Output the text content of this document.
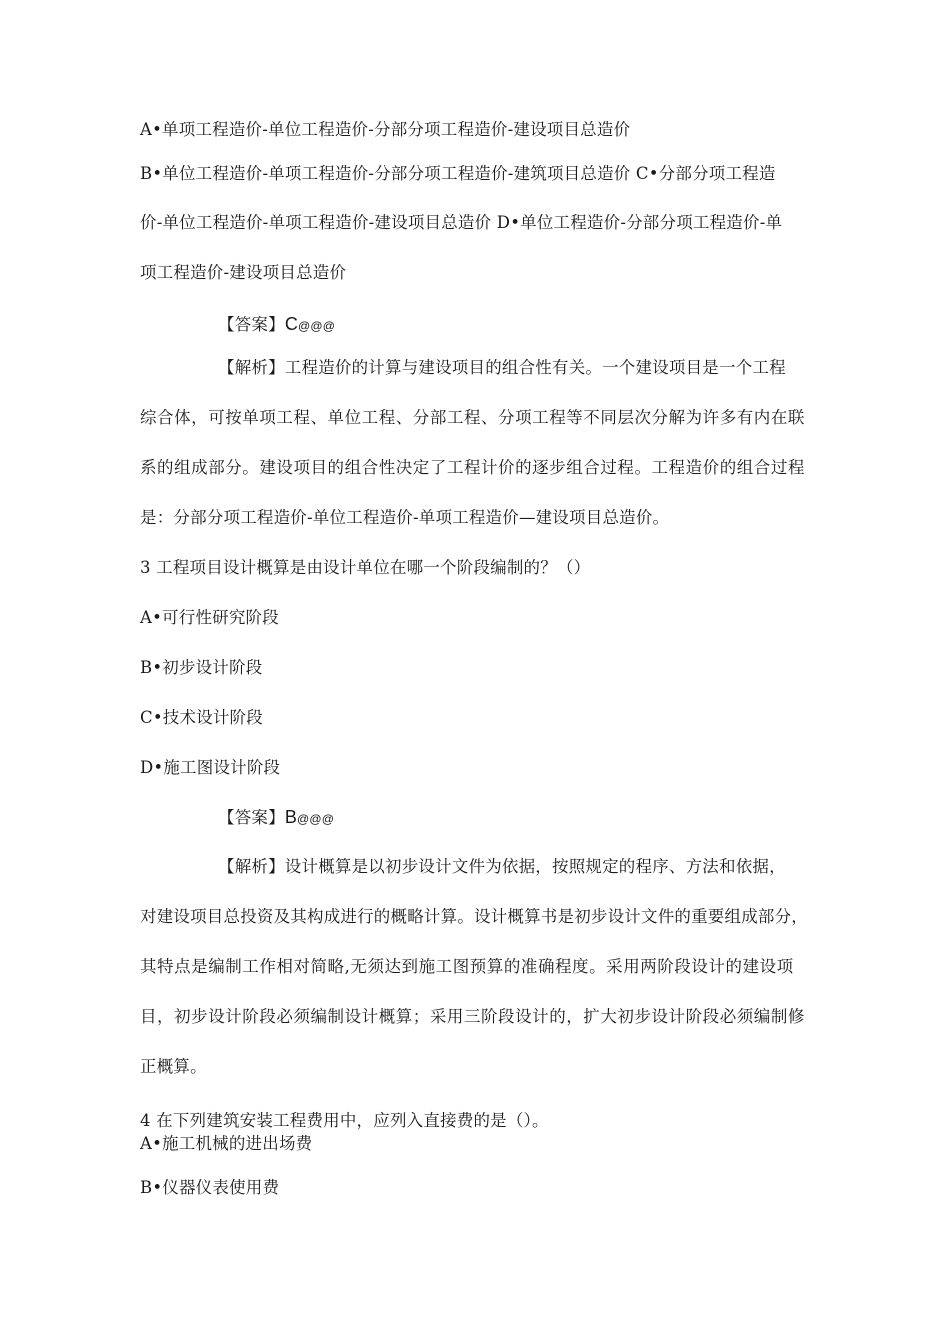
A•单项工程造价-单位工程造价-分部分项工程造价-建设项目总造价
B•单位工程造价-单项工程造价-分部分项工程造价-建筑项目总造价 C•分部分项工程造
价-单位工程造价-单项工程造价-建设项目总造价 D•单位工程造价-分部分项工程造价-单
项工程造价-建设项目总造价
【答案】C@@@
【解析】工程造价的计算与建设项目的组合性有关。一个建设项目是一个工程
综合体，可按单项工程、单位工程、分部工程、分项工程等不同层次分解为许多有内在联
系的组成部分。建设项目的组合性决定了工程计价的逐步组合过程。工程造价的组合过程
是：分部分项工程造价-单位工程造价-单项工程造价—建设项目总造价。
3 工程项目设计概算是由设计单位在哪一个阶段编制的？（）
A•可行性研究阶段
B•初步设计阶段
C•技术设计阶段
D•施工图设计阶段
【答案】B@@@
【解析】设计概算是以初步设计文件为依据，按照规定的程序、方法和依据，
对建设项目总投资及其构成进行的概略计算。设计概算书是初步设计文件的重要组成部分，
其特点是编制工作相对简略,无须达到施工图预算的准确程度。采用两阶段设计的建设项
目，初步设计阶段必须编制设计概算；采用三阶段设计的，扩大初步设计阶段必须编制修
正概算。
4 在下列建筑安装工程费用中，应列入直接费的是（）。
A•施工机械的进出场费
B•仪器仪表使用费
